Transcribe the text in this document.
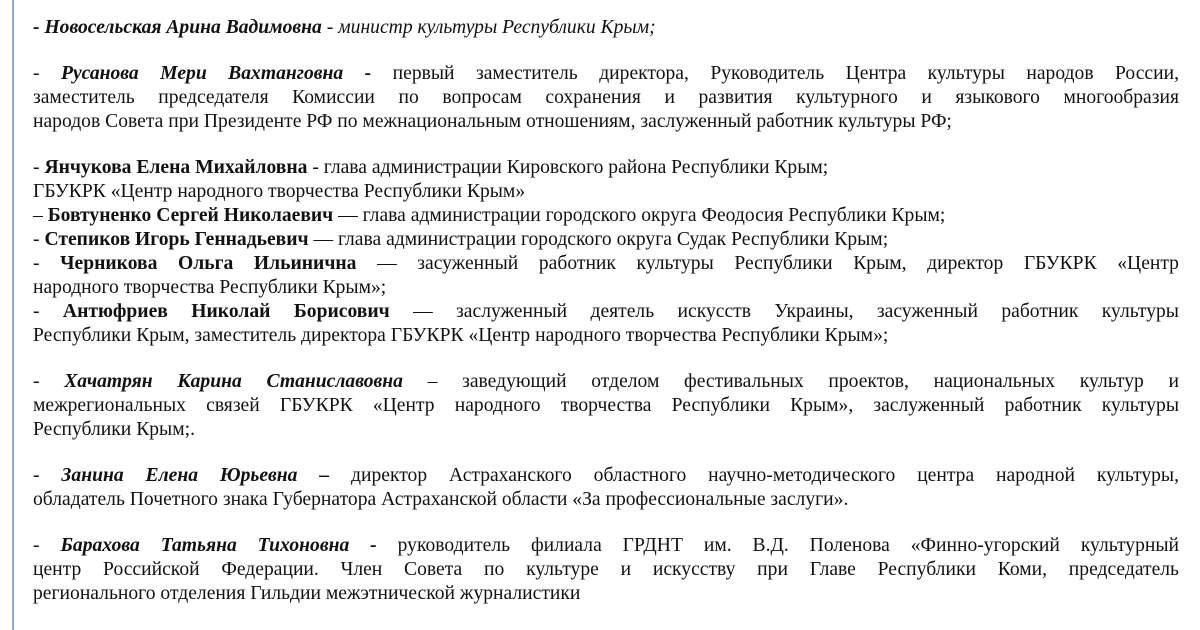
- Новосельская Арина Вадимовна - министр культуры Республики Крым;
- Русанова Мери Вахтанговна - первый заместитель директора, Руководитель Центра культуры народов России,
заместитель председателя Комиссии по вопросам сохранения и развития культурного и языкового многообразия
народов Совета при Президенте РФ по межнациональным отношениям, заслуженный работник культуры РФ;
- Янчукова Елена Михайловна - глава администрации Кировского района Республики Крым;
ГБУКРК «Центр народного творчества Республики Крым»
– Бовтуненко Сергей Николаевич — глава администрации городского округа Феодосия Республики Крым;
- Степиков Игорь Геннадьевич — глава администрации городского округа Судак Республики Крым;
- Черникова Ольга Ильинична — засуженный работник культуры Республики Крым, директор ГБУКРК «Центр
народного творчества Республики Крым»;
- Антюфриев Николай Борисович — заслуженный деятель искусств Украины, засуженный работник культуры
Республики Крым, заместитель директора ГБУКРК «Центр народного творчества Республики Крым»;
- Хачатрян Карина Станиславовна – заведующий отделом фестивальных проектов, национальных культур и
межрегиональных связей ГБУКРК «Центр народного творчества Республики Крым», заслуженный работник культуры
Республики Крым;.
- Занина Елена Юрьевна – директор Астраханского областного научно-методического центра народной культуры,
обладатель Почетного знака Губернатора Астраханской области «За профессиональные заслуги».
- Барахова Татьяна Тихоновна - руководитель филиала ГРДНТ им. В.Д. Поленова «Финно-угорский культурный
центр Российской Федерации. Член Совета по культуре и искусству при Главе Республики Коми, председатель
регионального отделения Гильдии межэтнической журналистики
